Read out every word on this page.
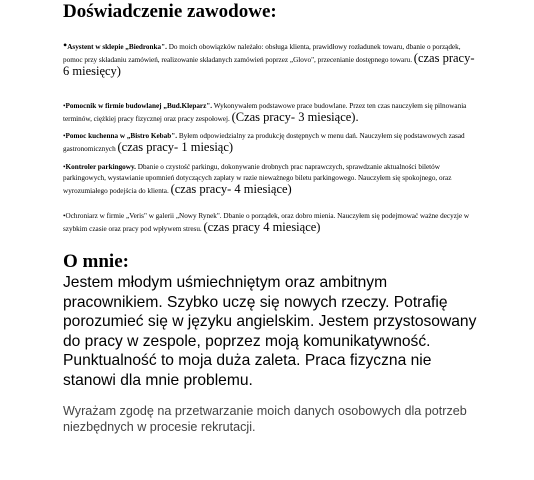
Doświadczenie zawodowe:
•Asystent w sklepie „Biedronka". Do moich obowiązków należało: obsługa klienta, prawidłowy rozładunek towaru, dbanie o porządek, pomoc przy składaniu zamówień, realizowanie składanych zamówień poprzez „Glovo", przecenianie dostępnego towaru. (czas pracy-6 miesięcy)
•Pomocnik w firmie budowlanej „Bud.Kleparz". Wykonywałem podstawowe prace budowlane. Przez ten czas nauczyłem się pilnowania terminów, ciężkiej pracy fizycznej oraz pracy zespołowej. (Czas pracy- 3 miesiące).
•Pomoc kuchenna w „Bistro Kebab". Byłem odpowiedzialny za produkcję dostępnych w menu dań. Nauczyłem się podstawowych zasad gastronomicznych (czas pracy- 1 miesiąc)
•Kontroler parkingowy. Dbanie o czystość parkingu, dokonywanie drobnych prac naprawczych, sprawdzanie aktualności biletów parkingowych, wystawianie upomnień dotyczących zapłaty w razie nieważnego biletu parkingowego. Nauczyłem się spokojnego, oraz wyrozumiałego podejścia do klienta. (czas pracy- 4 miesiące)
•Ochroniarz w firmie „Veris" w galerii „Nowy Rynek". Dbanie o porządek, oraz dobro mienia. Nauczyłem się podejmować ważne decyzje w szybkim czasie oraz pracy pod wpływem stresu. (czas pracy 4 miesiące)
O mnie:

Jestem młodym uśmiechniętym oraz ambitnym pracownikiem. Szybko uczę się nowych rzeczy. Potrafię porozumieć się w języku angielskim. Jestem przystosowany do pracy w zespole, poprzez moją komunikatywność. Punktualność to moja duża zaleta. Praca fizyczna nie stanowi dla mnie problemu.

Wyrażam zgodę na przetwarzanie moich danych osobowych dla potrzeb niezbędnych w procesie rekrutacji.
